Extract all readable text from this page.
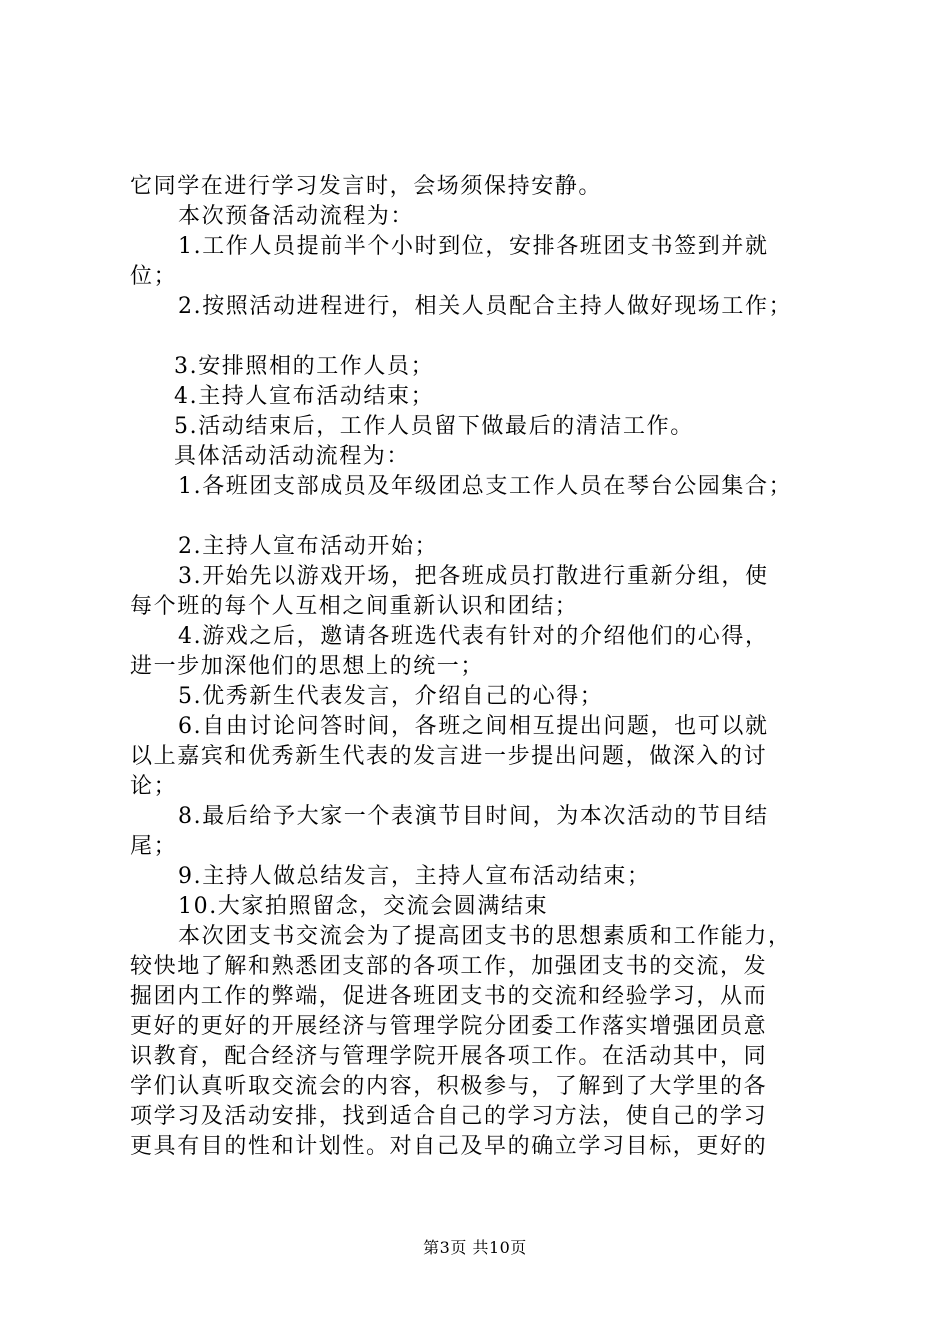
它同学在进行学习发言时，会场须保持安静。
本次预备活动流程为：
1.工作人员提前半个小时到位，安排各班团支书签到并就
位；
2.按照活动进程进行，相关人员配合主持人做好现场工作；
3.安排照相的工作人员；
4.主持人宣布活动结束；
5.活动结束后，工作人员留下做最后的清洁工作。
具体活动活动流程为：
1.各班团支部成员及年级团总支工作人员在琴台公园集合；
2.主持人宣布活动开始；
3.开始先以游戏开场，把各班成员打散进行重新分组，使
每个班的每个人互相之间重新认识和团结；
4.游戏之后，邀请各班选代表有针对的介绍他们的心得，
进一步加深他们的思想上的统一；
5.优秀新生代表发言，介绍自己的心得；
6.自由讨论问答时间，各班之间相互提出问题，也可以就
以上嘉宾和优秀新生代表的发言进一步提出问题，做深入的讨
论；
8.最后给予大家一个表演节目时间，为本次活动的节目结
尾；
9.主持人做总结发言，主持人宣布活动结束；
10.大家拍照留念，交流会圆满结束
本次团支书交流会为了提高团支书的思想素质和工作能力，
较快地了解和熟悉团支部的各项工作，加强团支书的交流，发
掘团内工作的弊端，促进各班团支书的交流和经验学习，从而
更好的更好的开展经济与管理学院分团委工作落实增强团员意
识教育，配合经济与管理学院开展各项工作。在活动其中，同
学们认真听取交流会的内容，积极参与，了解到了大学里的各
项学习及活动安排，找到适合自己的学习方法，使自己的学习
更具有目的性和计划性。对自己及早的确立学习目标，更好的
第3页 共10页
